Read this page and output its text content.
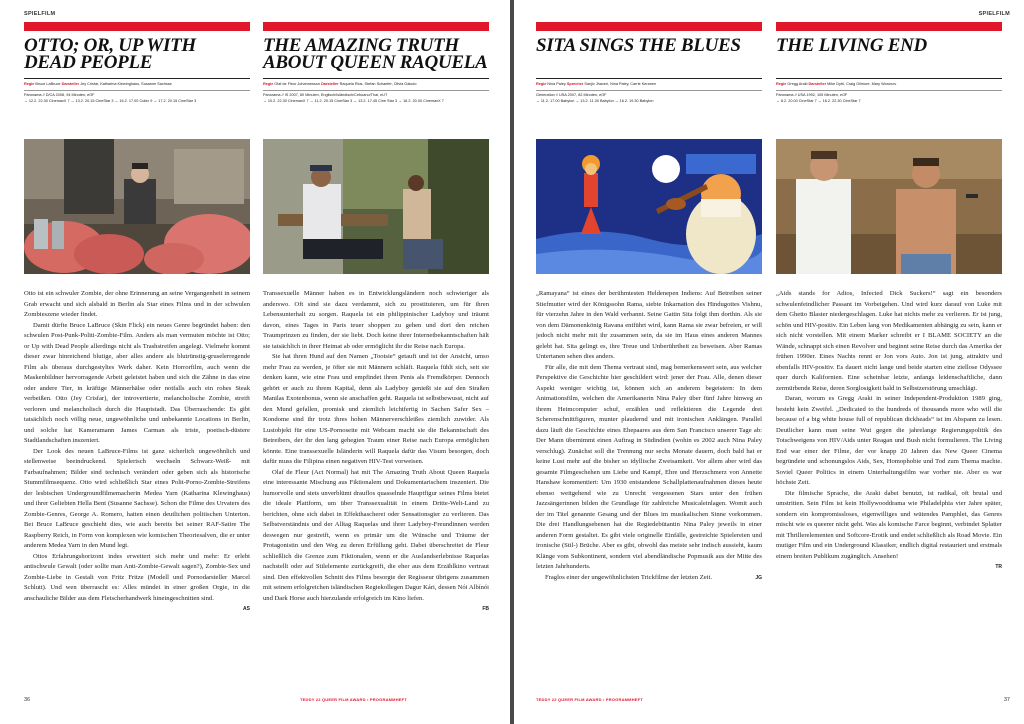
SPIELFILM
OTTO; OR, UP WITH DEAD PEOPLE
Regie Bruce LaBruce Darsteller Jey Crisfar, Katharina Klewinghaus, Susanne Sachsse
Panorama // D/CA 2008, 94 Minuten, eOF
→ 12.2. 22.30 CinemaxX 7 → 13.2. 20.15 CineStar 3 → 16.2. 17.00 Cubix 9 → 17.2. 20.15 CineStar 3

Otto ist ein schwuler Zombie, der ohne Erinnerung an seine Vergangenheit in seinem Grab erwacht und sich alsbald in Berlin als Star eines Films und in der schwulen Zombieszene wieder findet.

Damit dürfte Bruce LaBruce (Skin Flick) ein neues Genre begründet haben: den schwulen Post-Punk-Politi-Zombie-Film. Anders als man vermuten möchte ist Otto; or Up with Dead People allerdings nicht als Trashstreifen angelegt. Vielmehr kommt dieser zwar hinreichend blutige, aber alles andere als blutrünstig-gruselerregende Film als überaus durchgestyltes Werk daher. Kein Horrorfilm, auch wenn die Maskenbildner hervorragende Arbeit geleistet haben und sich die Zähne in das eine oder andere Tier, in kräftige Männerhälse oder notfalls auch ein rohes Steak verbeißen. Otto (Jey Crisfar), der introvertierte, melancholische Zombie, streift verloren und melancholisch durch die Hauptstadt. Das Überraschende: Es gibt tatsächlich noch völlig neue, ungewöhnliche und unbekannte Locations in Berlin, und solche hat Kameramann James Carman als triste, poetisch-düstere Stadtlandschaften inszeniert.

Der Look des neuen LaBruce-Films ist ganz sicherlich ungewöhnlich und stellenweise beeindruckend. Spielerisch wechseln Schwarz-Weiß- mit Farbaufnahmen; Bilder sind technisch verändert oder geben sich als historische Stummfilmsequenz. Otto wird schließlich Star eines Polit-Porno-Zombie-Streifens der lesbischen Undergroundfilmemacherin Medea Yarn (Katharina Klewinghaus) und ihrer Geliebten Hella Bent (Susanne Sachsse). Schon die Filme des Urvaters des Zombie-Genres, George A. Romero, hatten einen deutlichen politischen Unterton. Bei Bruce LaBruce geschieht dies, wie auch bereits bei seiner RAF-Satire The Raspberry Reich, in Form von komplexen wie komischen Theoriesalven, die er unter anderem Medea Yarn in den Mund legt.

Ottos Erfahrungshorizont indes erweitert sich mehr und mehr: Er erlebt antischwule Gewalt (oder sollte man Anti-Zombie-Gewalt sagen?), Zombie-Sex und Zombie-Liebe in Gestalt von Fritz Fritze (Modell und Pornodarsteller Marcel Schlutt). Und wen überrascht es: Alles mündet in einer großen Orgie, in die anschauliche Bilder aus dem Fleischerhandwerk hineingeschnitten sind.

AS

THE AMAZING TRUTH ABOUT QUEEN RAQUELA
Regie Olaf de Fleur Johannesson Darsteller Raquela Rios, Stefan Schaefer, Olivia Galudo
Panorama // IS 2007, 80 Minuten, Englisch/Isländisch/Cebuano/Thai, eUT
→ 10.2. 22.30 CinemaxX 7 → 11.2. 20.15 CineStar 3 → 13.2. 17.45 Cine Star 3 → 16.2. 20.00 CinemaxX 7

Transsexuelle Männer haben es in Entwicklungsländern noch schwieriger als anderswo. Oft sind sie dazu verdammt, sich zu prostituieren, um für ihren Lebensunterhalt zu sorgen. Raquela ist ein philippinischer Ladyboy und träumt davon, eines Tages in Paris teuer shoppen zu gehen und dort den reichen Traumprinzen zu finden, der sie liebt. Doch keine ihrer Internetbekanntschaften hält sie tatsächlich in ihrer Heimat ab oder ermöglicht ihr die Reise nach Europa.

Sie hat ihren Hund auf den Namen „Tootsie“ getauft und ist der Ansicht, umso mehr Frau zu werden, je öfter sie mit Männern schläft. Raquela fühlt sich, seit sie denken kann, wie eine Frau und empfindet ihren Penis als Fremdkörper. Dennoch gehört er auch zu ihrem Kapital, denn als Ladyboy genießt sie auf den Straßen Manilas Exotenbonus, wenn sie anschaffen geht. Raquela ist selbstbewusst, nicht auf den Mund gefallen, promisk und ziemlich leichtfertig in Sachen Safer Sex – Kondome sind ihr trotz ihres hohen Männerverschleißes ziemlich zuwider. Als Lustobjekt für eine US-Pornoseite mit Webcam macht sie die Bekanntschaft des Betreibers, der ihr den lang gehegten Traum einer Reise nach Europa ermöglichen könnte. Eine transsexuelle Isländerin will Raquela dafür das Visum besorgen, doch dafür muss die Filipina einen negativen HIV-Test vorweisen.

Olaf de Fleur (Act Normal) hat mit The Amazing Truth About Queen Raquela eine interessante Mischung aus Fiktionalem und Dokumentarischem inszeniert. Die humorvolle und stets unverblümt drauflos quasselnde Hauptfigur seines Films bietet die ideale Plattform, um über Transsexualität in einem Dritte-Welt-Land zu berichten, ohne sich dabei in Effekthascherei oder Sensationsgier zu verlieren. Das Selbstverständnis und der Alltag Raquelas und ihrer Ladyboy-Freundinnen werden deswegen nur gestreift, wenn es primär um die Wünsche und Träume der Protagonistin und den Weg zu deren Erfüllung geht. Dabei überschreitet de Fleur schließlich die Grenze zum Fiktionalen, wenn er die Auslandserlebnisse Raquelas nachstellt oder auf Stilelemente zurückgreift, die eher aus dem Erzählkino vertraut sind. Den effektvollen Schnitt des Films besorgte der Regisseur übrigens zusammen mit seinem erfolgreichen isländischen Regiekollegen Dagur Kári, dessen Nói Albínói und Dark Horse auch hierzulande erfolgreich im Kino liefen.

FB

36	TEDDY 22 QUEER FILM AWARD • PROGRAMMHEFT
SPIELFILM
SITA SINGS THE BLUES
Regie Nina Paley Sprecher Sanjiv Jhaveri, Nina Paley, Carrie Keranen
Generation // USA 2007, 82 Minuten, eOF
→ 11.2. 17.00 Babylon → 13.2. 11.30 Babylon → 16.2. 19.30 Babylon

„Ramayana“ ist eines der berühmtesten Heldenepen Indiens: Auf Betreiben seiner Stiefmutter wird der Königssohn Rama, siebte Inkarnation des Hindugottes Vishnu, für vierzehn Jahre in den Wald verbannt. Seine Gattin Sita folgt ihm dorthin. Als sie von dem Dämonenkönig Ravana entführt wird, kann Rama sie zwar befreien, er will jedoch nicht mehr mit ihr zusammen sein, da sie im Haus eines anderen Mannes gelebt hat. Sita gelingt es, ihre Treue und Unberührtheit zu beweisen. Aber Ramas Untertanen sehen dies anders.

Für alle, die mit dem Thema vertraut sind, mag bemerkenswert sein, aus welcher Perspektive die Geschichte hier geschildert wird: jener der Frau. Alle, denen dieser Aspekt weniger wichtig ist, können sich an anderem begeistern: In dem Animationsfilm, welchen die Amerikanerin Nina Paley über fünf Jahre hinweg an ihrem Heimcomputer schuf, erzählen und reflektieren die Legende drei Scherenschnittfiguren, munter plaudernd und mit ironischen Anklängen. Parallel dazu läuft die Geschichte eines Ehepaares aus dem San Francisco unserer Tage ab: Der Mann übernimmt einen Auftrag in Südindien (wohin es 2002 auch Nina Paley verschlug). Zunächst soll die Trennung nur sechs Monate dauern, doch bald hat er keine Lust mehr auf die bisher so idyllische Zweisamkeit. Vor allem aber wird das gesamte Filmgeschehen um Liebe und Kampf, Ehre und Herzschmerz von Annette Hanshaw kommentiert: Um 1930 entstandene Schallplattenaufnahmen dieses heute ebenso weitgehend wie zu Unrecht vergessenen Stars unter den frühen Jazzsängerinnen bilden die Grundlage für zahlreiche Musicaleinlagen. Womit auch der im Titel genannte Gesang und der Blues im musikalischen Sinne vorkommen. Die drei Handlungsebenen hat die Regiedebütantin Nina Paley jeweils in einer anderen Form gestaltet. Es gibt viele originelle Einfälle, gestreichte Spielereien und ironische (Stil-) Brüche. Aber es gibt, obwohl das meiste sehr indisch aussieht, kaum Klänge vom Subkontinent, sondern viel abendländische Popmusik aus der Mitte des letzten Jahrhunderts.

Fraglos einer der ungewöhnlichsten Trickfilme der letzten Zeit.	JG

THE LIVING END
Regie Gregg Araki Darsteller Mike Dytri, Craig Gilmore, Mary Woronov
Panorama // USA 1992, 105 Minuten, eOF
→ 8.2. 20.00 CineStar 7 → 16.2. 22.30 CineStar 7

„Aids stands for Adios, Infected Dick Suckers!“ sagt ein besonders schwulenfeindlicher Passant im Vorbeigehen. Und wird kurz darauf von Luke mit dem Ghetto Blaster niedergeschlagen. Luke hat nichts mehr zu verlieren. Er ist jung, schön und HIV-positiv. Ein Leben lang von Medikamenten abhängig zu sein, kann er sich nicht vorstellen. Mit einem Marker schreibt er I BLAME SOCIETY an die Wände, schnappt sich einen Revolver und beginnt seine Reise durch das Amerika der frühen 1990er. Eines Nachts rennt er Jon vors Auto. Jon ist jung, attraktiv und ebenfalls HIV-positiv. Es dauert nicht lange und beide starten eine ziellose Odyssee quer durch Kalifornien. Eine scheinbar letzte, anfangs leidenschaftliche, dann zermürbende Reise, deren Sorglosigkeit bald in Selbstzerstörung umschlägt.

Daran, worum es Gregg Araki in seiner Independent-Produktion 1989 ging, besteht kein Zweifel. „Dedicated to the hundreds of thousands more who will die because of a big white house full of republican dickheads“ ist im Abspann zu lesen. Deutlicher kann man seine Wut gegen die jahrelange Regierungspolitik des Totschweigens von HIV/Aids unter Reagan und Bush nicht formulieren. The Living End war einer der Filme, der vor knapp 20 Jahren das New Queer Cinema begründete und schonungslos Aids, Sex, Homophobie und Tod zum Thema machte. Soviel Queer Politics in einem Unterhaltungsfilm war vorher nie. Aber es war höchste Zeit.

Die filmische Sprache, die Araki dabei benutzt, ist radikal, oft brutal und umstritten. Sein Film ist kein Hollywooddrama wie Philadelphia vier Jahre später, sondern ein kompromissloses, eigenwilliges und wütendes Pamphlet, das Genres mischt wie es queerer nicht geht. Was als komische Farce beginnt, verbindet Splatter mit Thrillerelementen und Softcore-Erotik und endet schließlich als Road Movie. Ein mutiger Film und ein Underground Klassiker, endlich digital restauriert und erstmals einem breiten Publikum zugänglich. Ansehen!

TR

TEDDY 22 QUEER FILM AWARD • PROGRAMMHEFT	37
